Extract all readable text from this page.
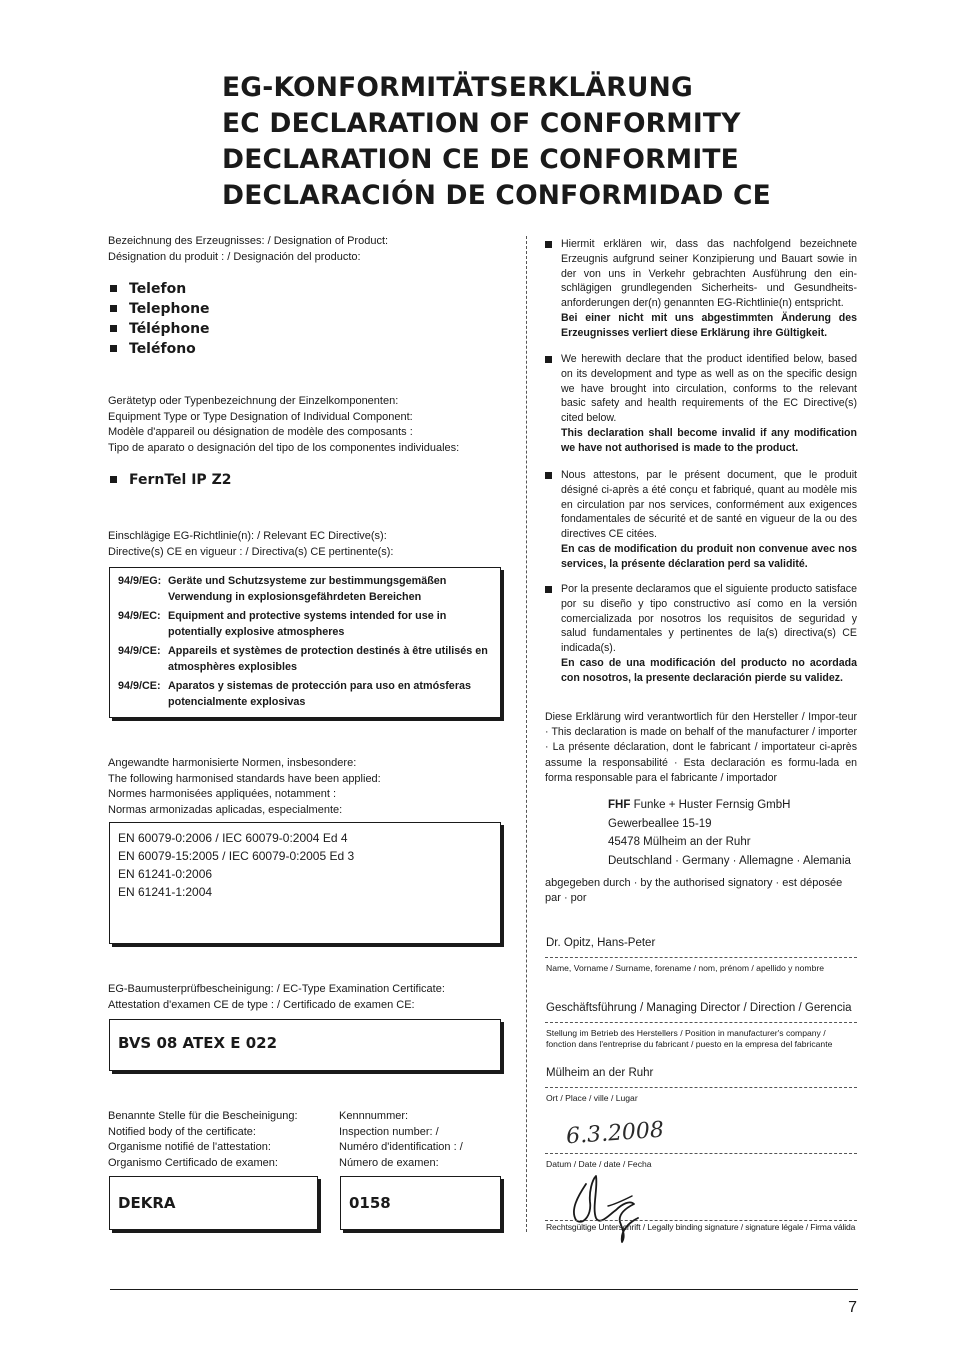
EG-KONFORMITÄTSERKLÄRUNG
EC DECLARATION OF CONFORMITY
DECLARATION CE DE CONFORMITE
DECLARACIÓN DE CONFORMIDAD CE
Bezeichnung des Erzeugnisses: / Designation of Product:
Désignation du produit : / Designación del producto:
Telefon
Telephone
Téléphone
Teléfono
Gerätetyp oder Typenbezeichnung der Einzelkomponenten:
Equipment Type or Type Designation of Individual Component:
Modèle d'appareil ou désignation de modèle des composants :
Tipo de aparato o designación del tipo de los componentes individuales:
FernTel IP Z2
Einschlägige EG-Richtlinie(n): / Relevant EC Directive(s):
Directive(s) CE en vigueur : / Directiva(s) CE pertinente(s):
94/9/EG: Geräte und Schutzsysteme zur bestimmungsgemäßen Verwendung in explosionsgefährdeten Bereichen
94/9/EC: Equipment and protective systems intended for use in potentially explosive atmospheres
94/9/CE: Appareils et systèmes de protection destinés à être utilisés en atmosphères explosibles
94/9/CE: Aparatos y sistemas de protección para uso en atmósferas potencialmente explosivas
Angewandte harmonisierte Normen, insbesondere:
The following harmonised standards have been applied:
Normes harmonisées appliquées, notamment :
Normas armonizadas aplicadas, especialmente:
EN 60079-0:2006 / IEC 60079-0:2004 Ed 4
EN 60079-15:2005 / IEC 60079-0:2005 Ed 3
EN 61241-0:2006
EN 61241-1:2004
EG-Baumusterprüfbescheinigung: / EC-Type Examination Certificate:
Attestation d'examen CE de type : / Certificado de examen CE:
BVS 08 ATEX E 022
Benannte Stelle für die Bescheinigung:
Notified body of the certificate:
Organisme notifié de l'attestation:
Organismo Certificado de examen:
Kennnummer:
Inspection number: /
Numéro d'identification : /
Número de examen:
DEKRA	0158
Hiermit erklären wir, dass das nachfolgend bezeichnete Erzeugnis aufgrund seiner Konzipierung und Bauart sowie in der von uns in Verkehr gebrachten Ausführung den ein-schlägigen grundlegenden Sicherheits- und Gesundheits-anforderungen der(n) genannten EG-Richtlinie(n) entspricht.
Bei einer nicht mit uns abgestimmten Änderung des Erzeugnisses verliert diese Erklärung ihre Gültigkeit.
We herewith declare that the product identified below, based on its development and type as well as on the specific design we have brought into circulation, conforms to the relevant basic safety and health requirements of the EC Directive(s) cited below.
This declaration shall become invalid if any modification we have not authorised is made to the product.
Nous attestons, par le présent document, que le produit désigné ci-après a été conçu et fabriqué, quant au modèle mis en circulation par nos services, conformément aux exigences fondamentales de sécurité et de santé en vigueur de la ou des directives CE citées.
En cas de modification du produit non convenue avec nos services, la présente déclaration perd sa validité.
Por la presente declaramos que el siguiente producto satisface por su diseño y tipo constructivo así como en la versión comercializada por nosotros los requisitos de seguridad y salud fundamentales y pertinentes de la(s) directiva(s) CE indicada(s).
En caso de una modificación del producto no acordada con nosotros, la presente declaración pierde su validez.
Diese Erklärung wird verantwortlich für den Hersteller / Impor-teur · This declaration is made on behalf of the manufacturer / importer · La présente déclaration, dont le fabricant / importateur ci-après assume la responsabilité · Esta declaración es formu-lada en forma responsable para el fabricante / importador
FHF Funke + Huster Fernsig GmbH
Gewerbeallee 15-19
45478 Mülheim an der Ruhr
Deutschland · Germany · Allemagne · Alemania
abgegeben durch · by the authorised signatory · est déposée
par · por
Dr. Opitz, Hans-Peter
Name, Vorname / Surname, forename / nom, prénom / apellido y nombre
Geschäftsführung / Managing Director / Direction / Gerencia
Stellung im Betrieb des Herstellers / Position in manufacturer's company /
fonction dans l'entreprise du fabricant / puesto en la empresa del fabricante
Mülheim an der Ruhr
Ort / Place / ville / Lugar
6.3.2008
Datum / Date / date / Fecha
Rechtsgültige Unterschrift / Legally binding signature / signature légale / Firma válida
7
